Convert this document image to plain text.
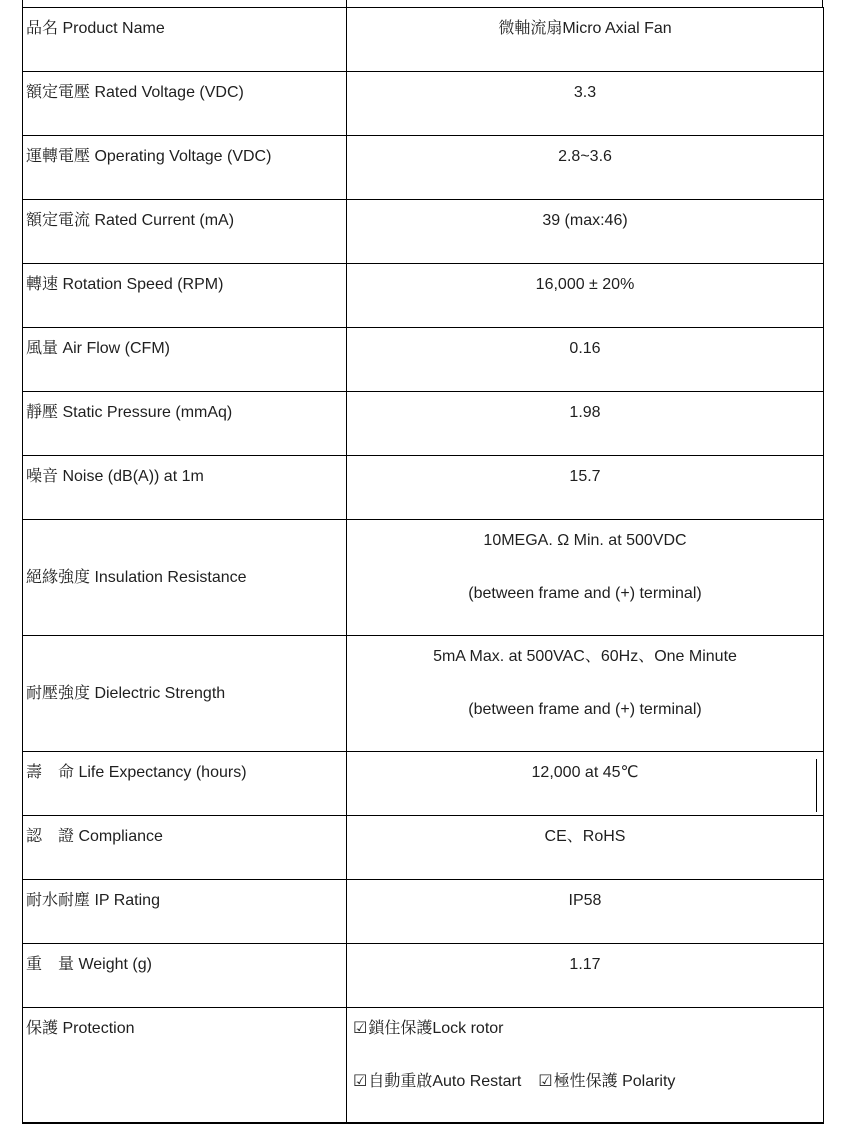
品名 Product Name	微軸流扇Micro Axial Fan
額定電壓 Rated Voltage (VDC)	3.3
運轉電壓 Operating Voltage (VDC)	2.8~3.6
額定電流 Rated Current (mA)	39 (max:46)
轉速 Rotation Speed (RPM)	16,000 ± 20%
風量 Air Flow (CFM)	0.16
靜壓 Static Pressure (mmAq)	1.98
噪音 Noise (dB(A)) at 1m	15.7
絕緣強度 Insulation Resistance	10MEGA. Ω Min. at 500VDC

(between frame and (+) terminal)

耐壓強度 Dielectric Strength	5mA Max. at 500VAC、60Hz、One Minute

(between frame and (+) terminal)

壽　命 Life Expectancy (hours)	12,000 at 45℃
認　證 Compliance	CE、RoHS
耐水耐塵 IP Rating	IP58
重　量 Weight (g)	1.17
保護 Protection	☑鎖住保護Lock rotor

☑自動重啟Auto Restart ☑極性保護 Polarity
